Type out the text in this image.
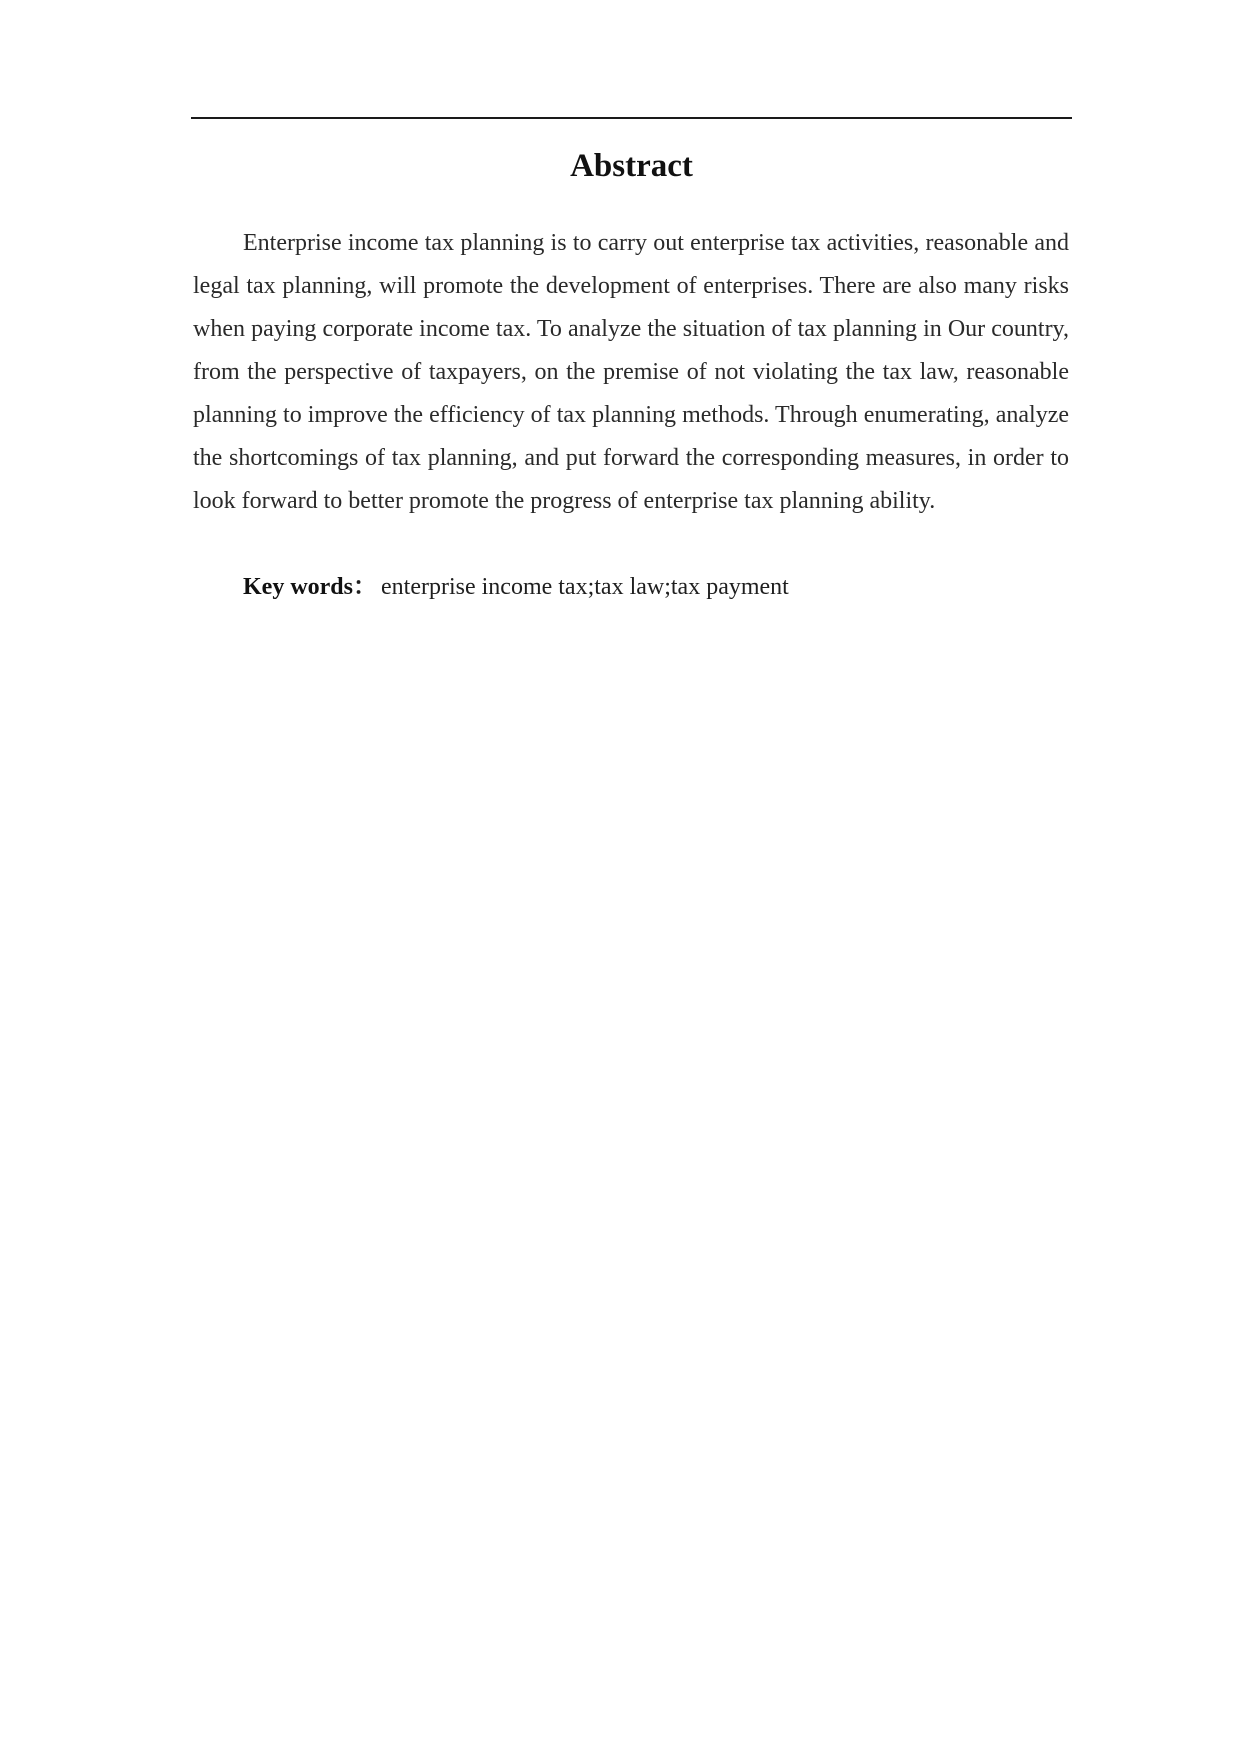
Abstract

Enterprise income tax planning is to carry out enterprise tax activities, reasonable and legal tax planning, will promote the development of enterprises. There are also many risks when paying corporate income tax. To analyze the situation of tax planning in Our country, from the perspective of taxpayers, on the premise of not violating the tax law, reasonable planning to improve the efficiency of tax planning methods. Through enumerating, analyze the shortcomings of tax planning, and put forward the corresponding measures, in order to look forward to better promote the progress of enterprise tax planning ability.

Key words： enterprise income tax;tax law;tax payment
